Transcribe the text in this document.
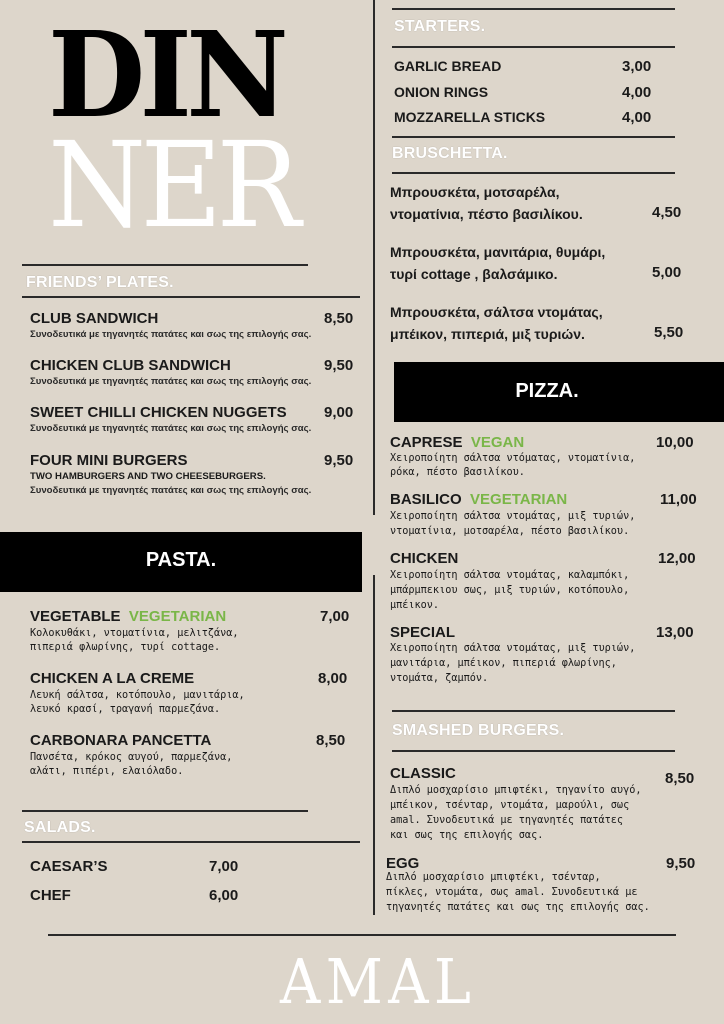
DIN
NER
FRIENDS’ PLATES.
CLUB SANDWICH	8,50
Συνοδευτικά με τηγανητές πατάτες και σως της επιλογής σας.
CHICKEN CLUB SANDWICH	9,50
Συνοδευτικά με τηγανητές πατάτες και σως της επιλογής σας.
SWEET CHILLI CHICKEN NUGGETS 9,00
Συνοδευτικά με τηγανητές πατάτες και σως της επιλογής σας.
FOUR MINI BURGERS	9,50
TWO HAMBURGERS AND TWO CHEESEBURGERS.
Συνοδευτικά με τηγανητές πατάτες και σως της επιλογής σας.
PASTA.
VEGETABLE VEGETARIAN	7,00
Κολοκυθάκι, ντοματίνια, μελιτζάνα,
πιπεριά φλωρίνης, τυρί cottage.
CHICKEN A LA CREME	8,00
Λευκή σάλτσα, κοτόπουλο, μανιτάρια,
λευκό κρασί, τραγανή παρμεζάνα.
CARBONARA PANCETTA	8,50
Πανσέτα, κρόκος αυγού, παρμεζάνα,
αλάτι, πιπέρι, ελαιόλαδο.
SALADS.
CAESAR’S	7,00
CHEF	6,00
STARTERS.
GARLIC BREAD	3,00
ONION RINGS	4,00
MOZZARELLA STICKS	4,00
BRUSCHETTA.
Μπρουσκέτα, μοτσαρέλα,
ντοματίνια, πέστο βασιλίκου.	4,50
Μπρουσκέτα, μανιτάρια, θυμάρι,
τυρί cottage , βαλσάμικο.	5,00
Μπρουσκέτα, σάλτσα ντομάτας,
μπέικον, πιπεριά, μιξ τυριών.	5,50
PIZZA.
CAPRESE VEGAN	10,00
Χειροποίητη σάλτσα ντόματας, ντοματίνια,
ρόκα, πέστο βασιλίκου.
BASILICO VEGETARIAN	11,00
Χειροποίητη σάλτσα ντομάτας, μιξ τυριών,
ντοματίνια, μοτσαρέλα, πέστο βασιλίκου.
CHICKEN	12,00
Χειροποίητη σάλτσα ντομάτας, καλαμπόκι,
μπάρμπεκιου σως, μιξ τυριών, κοτόπουλο,
μπέικον.
SPECIAL	13,00
Χειροποίητη σάλτσα ντομάτας, μιξ τυριών,
μανιτάρια, μπέικον, πιπεριά φλωρίνης,
ντομάτα, ζαμπόν.
SMASHED BURGERS.
CLASSIC	8,50
Διπλό μοσχαρίσιο μπιφτέκι, τηγανίτο αυγό,
μπέικον, τσένταρ, ντομάτα, μαρούλι, σως
amal. Συνοδευτικά με τηγανητές πατάτες
και σως της επιλογής σας.
EGG	9,50
Διπλό μοσχαρίσιο μπιφτέκι, τσένταρ,
πίκλες, ντομάτα, σως amal. Συνοδευτικά με
τηγανητές πατάτες και σως της επιλογής σας.
AMAL
